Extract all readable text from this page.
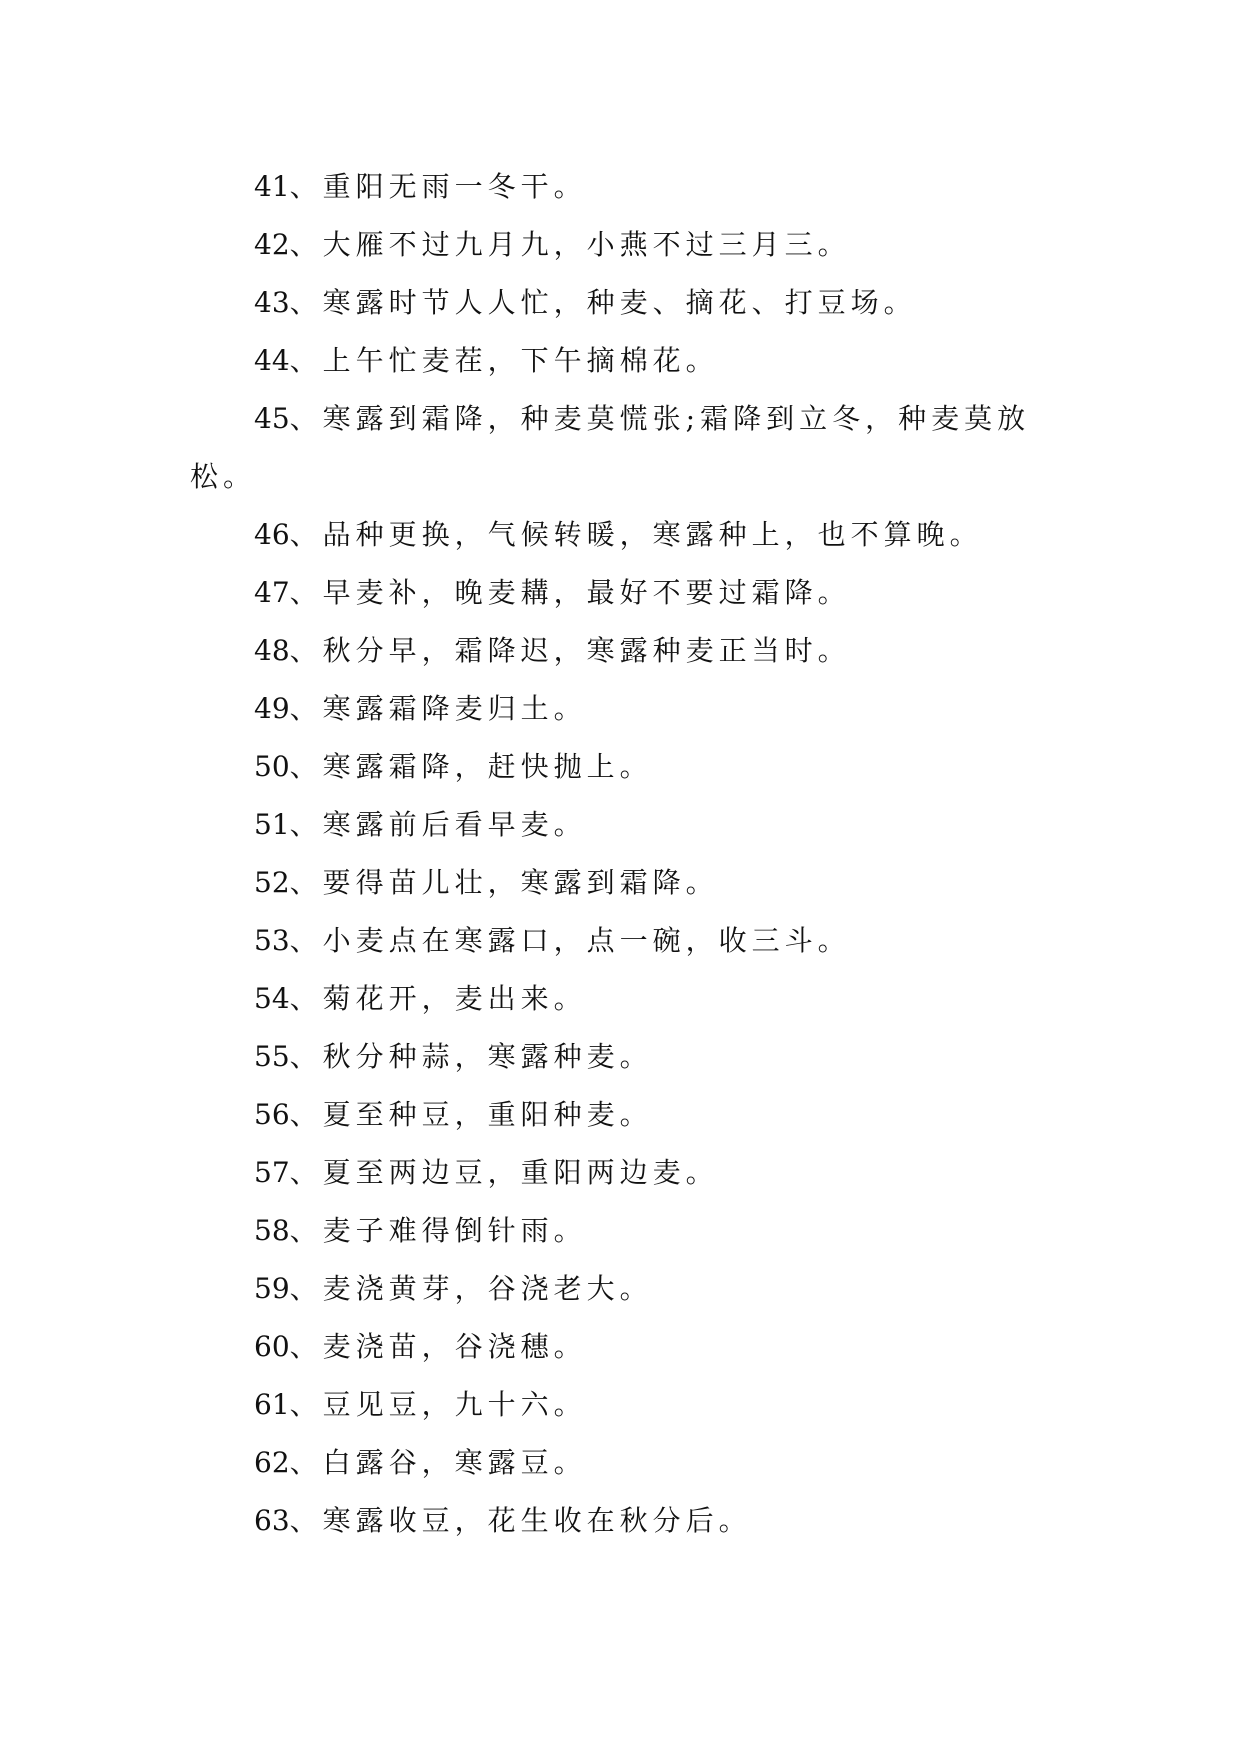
41、重阳无雨一冬干。

42、大雁不过九月九，小燕不过三月三。

43、寒露时节人人忙，种麦、摘花、打豆场。

44、上午忙麦茬，下午摘棉花。

45、寒露到霜降，种麦莫慌张;霜降到立冬，种麦莫放松。

46、品种更换，气候转暖，寒露种上，也不算晚。

47、早麦补，晚麦耩，最好不要过霜降。

48、秋分早，霜降迟，寒露种麦正当时。

49、寒露霜降麦归土。

50、寒露霜降，赶快抛上。

51、寒露前后看早麦。

52、要得苗儿壮，寒露到霜降。

53、小麦点在寒露口，点一碗，收三斗。

54、菊花开，麦出来。

55、秋分种蒜，寒露种麦。

56、夏至种豆，重阳种麦。

57、夏至两边豆，重阳两边麦。

58、麦子难得倒针雨。

59、麦浇黄芽，谷浇老大。

60、麦浇苗，谷浇穗。

61、豆见豆，九十六。

62、白露谷，寒露豆。

63、寒露收豆，花生收在秋分后。
